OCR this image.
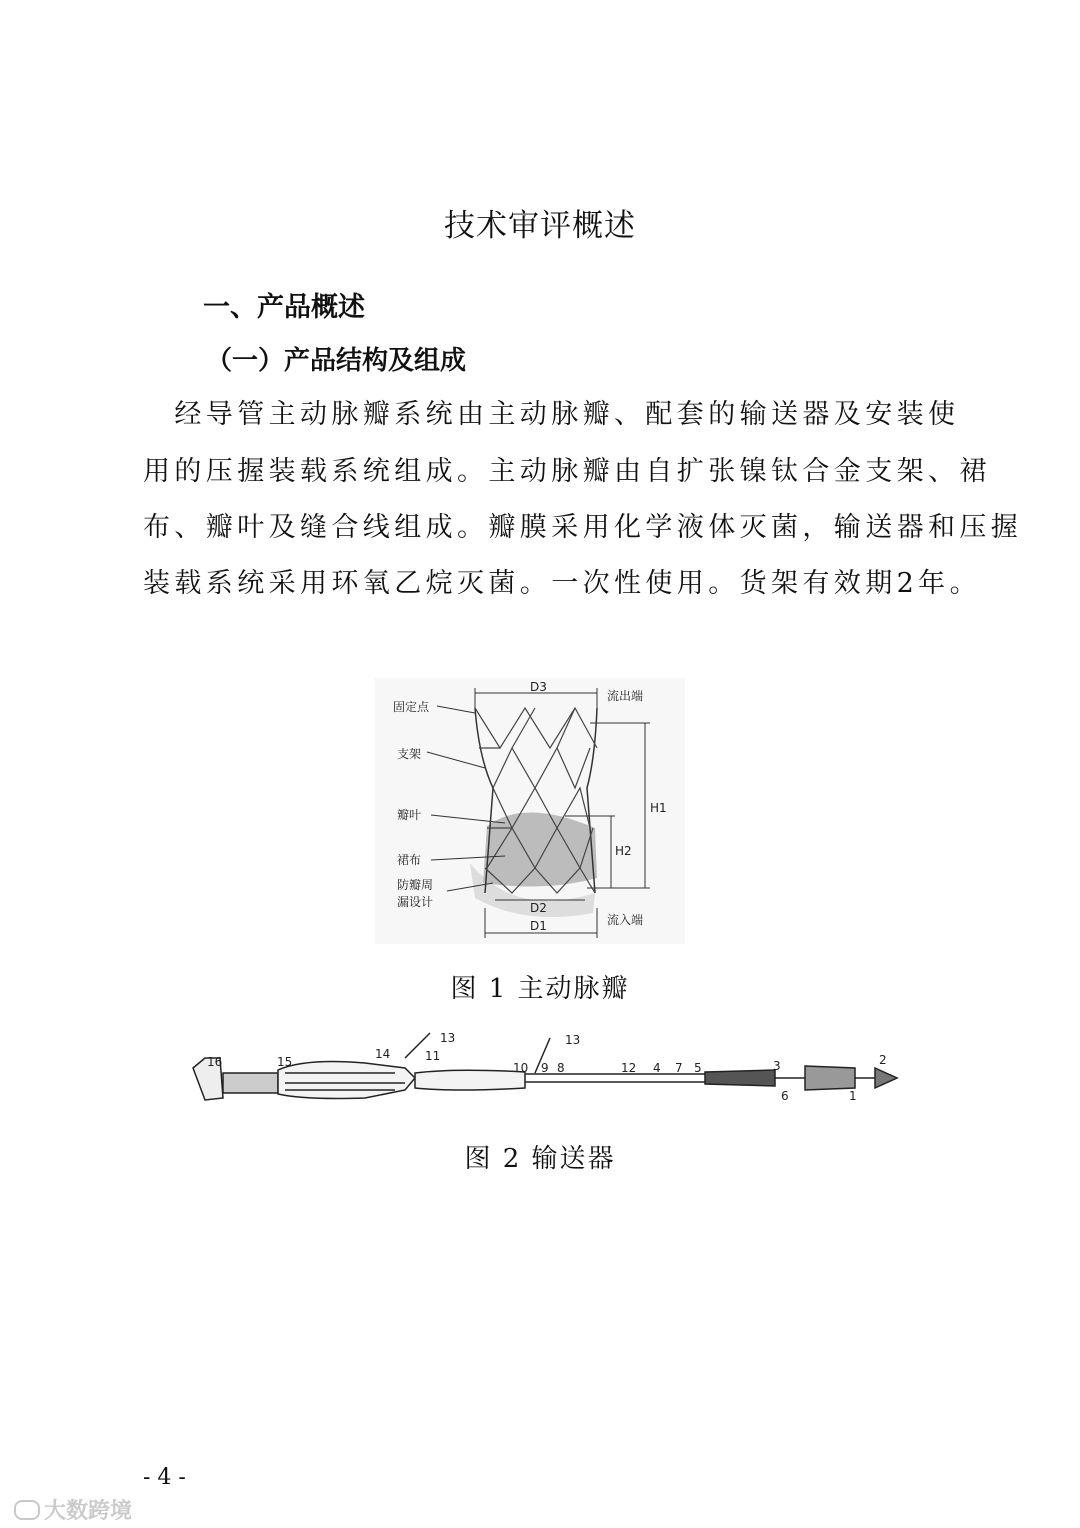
技术审评概述
一、产品概述
（一）产品结构及组成
　经导管主动脉瓣系统由主动脉瓣、配套的输送器及安装使
用的压握装载系统组成。主动脉瓣由自扩张镍钛合金支架、裙
布、瓣叶及缝合线组成。瓣膜采用化学液体灭菌，输送器和压握
装载系统采用环氧乙烷灭菌。一次性使用。货架有效期2年。
D3
流出端
固定点
支架
H1
瓣叶
H2
裙布
防瓣周
漏设计	D2
流入端
D1
图 1 主动脉瓣
16	15
14
13
11
13
10 9 8	12 4 7 5	3
6	1
2
图 2 输送器
- 4 -
大数跨境
